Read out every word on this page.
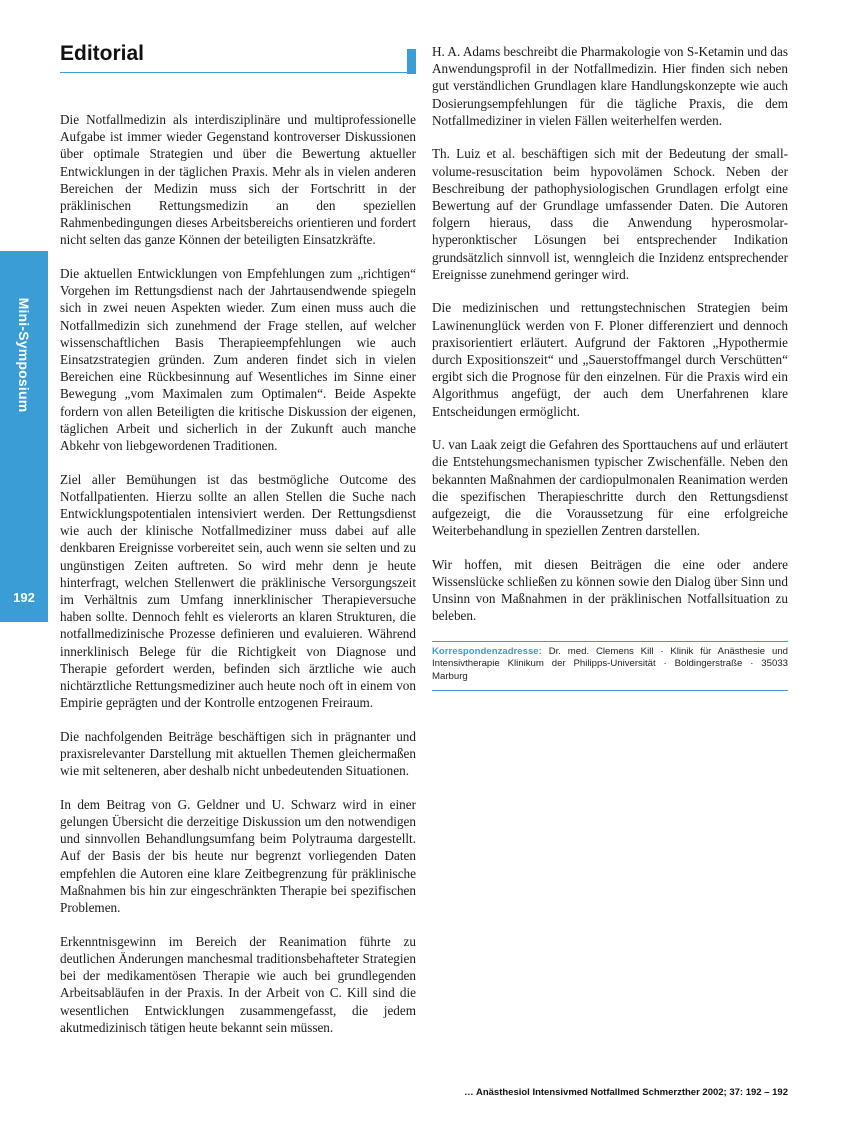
Mini-Symposium
192
Editorial

Die Notfallmedizin als interdisziplinäre und multiprofessionelle Aufgabe ist immer wieder Gegenstand kontroverser Diskussionen über optimale Strategien und über die Bewertung aktueller Entwicklungen in der täglichen Praxis. Mehr als in vielen anderen Bereichen der Medizin muss sich der Fortschritt in der präklinischen Rettungsmedizin an den speziellen Rahmenbedingungen dieses Arbeitsbereichs orientieren und fordert nicht selten das ganze Können der beteiligten Einsatzkräfte.

Die aktuellen Entwicklungen von Empfehlungen zum „richtigen“ Vorgehen im Rettungsdienst nach der Jahrtausendwende spiegeln sich in zwei neuen Aspekten wieder. Zum einen muss auch die Notfallmedizin sich zunehmend der Frage stellen, auf welcher wissenschaftlichen Basis Therapieempfehlungen wie auch Einsatzstrategien gründen. Zum anderen findet sich in vielen Bereichen eine Rückbesinnung auf Wesentliches im Sinne einer Bewegung „vom Maximalen zum Optimalen“. Beide Aspekte fordern von allen Beteiligten die kritische Diskussion der eigenen, täglichen Arbeit und sicherlich in der Zukunft auch manche Abkehr von liebgewordenen Traditionen.

Ziel aller Bemühungen ist das bestmögliche Outcome des Notfallpatienten. Hierzu sollte an allen Stellen die Suche nach Entwicklungspotentialen intensiviert werden. Der Rettungsdienst wie auch der klinische Notfallmediziner muss dabei auf alle denkbaren Ereignisse vorbereitet sein, auch wenn sie selten und zu ungünstigen Zeiten auftreten. So wird mehr denn je heute hinterfragt, welchen Stellenwert die präklinische Versorgungszeit im Verhältnis zum Umfang innerklinischer Therapieversuche haben sollte. Dennoch fehlt es vielerorts an klaren Strukturen, die notfallmedizinische Prozesse definieren und evaluieren. Während innerklinisch Belege für die Richtigkeit von Diagnose und Therapie gefordert werden, befinden sich ärztliche wie auch nichtärztliche Rettungsmediziner auch heute noch oft in einem von Empirie geprägten und der Kontrolle entzogenen Freiraum.

Die nachfolgenden Beiträge beschäftigen sich in prägnanter und praxisrelevanter Darstellung mit aktuellen Themen gleichermaßen wie mit selteneren, aber deshalb nicht unbedeutenden Situationen.

In dem Beitrag von G. Geldner und U. Schwarz wird in einer gelungen Übersicht die derzeitige Diskussion um den notwendigen und sinnvollen Behandlungsumfang beim Polytrauma dargestellt. Auf der Basis der bis heute nur begrenzt vorliegenden Daten empfehlen die Autoren eine klare Zeitbegrenzung für präklinische Maßnahmen bis hin zur eingeschränkten Therapie bei spezifischen Problemen.

Erkenntnisgewinn im Bereich der Reanimation führte zu deutlichen Änderungen manchesmal traditionsbehafteter Strategien bei der medikamentösen Therapie wie auch bei grundlegenden Arbeitsabläufen in der Praxis. In der Arbeit von C. Kill sind die wesentlichen Entwicklungen zusammengefasst, die jedem akutmedizinisch tätigen heute bekannt sein müssen.

H. A. Adams beschreibt die Pharmakologie von S-Ketamin und das Anwendungsprofil in der Notfallmedizin. Hier finden sich neben gut verständlichen Grundlagen klare Handlungskonzepte wie auch Dosierungsempfehlungen für die tägliche Praxis, die dem Notfallmediziner in vielen Fällen weiterhelfen werden.

Th. Luiz et al. beschäftigen sich mit der Bedeutung der small-volume-resuscitation beim hypovolämen Schock. Neben der Beschreibung der pathophysiologischen Grundlagen erfolgt eine Bewertung auf der Grundlage umfassender Daten. Die Autoren folgern hieraus, dass die Anwendung hyperosmolar-hyperonktischer Lösungen bei entsprechender Indikation grundsätzlich sinnvoll ist, wenngleich die Inzidenz entsprechender Ereignisse zunehmend geringer wird.

Die medizinischen und rettungstechnischen Strategien beim Lawinenunglück werden von F. Ploner differenziert und dennoch praxisorientiert erläutert. Aufgrund der Faktoren „Hypothermie durch Expositionszeit“ und „Sauerstoffmangel durch Verschütten“ ergibt sich die Prognose für den einzelnen. Für die Praxis wird ein Algorithmus angefügt, der auch dem Unerfahrenen klare Entscheidungen ermöglicht.

U. van Laak zeigt die Gefahren des Sporttauchens auf und erläutert die Entstehungsmechanismen typischer Zwischenfälle. Neben den bekannten Maßnahmen der cardiopulmonalen Reanimation werden die spezifischen Therapieschritte durch den Rettungsdienst aufgezeigt, die die Voraussetzung für eine erfolgreiche Weiterbehandlung in speziellen Zentren darstellen.

Wir hoffen, mit diesen Beiträgen die eine oder andere Wissenslücke schließen zu können sowie den Dialog über Sinn und Unsinn von Maßnahmen in der präklinischen Notfallsituation zu beleben.

Korrespondenzadresse: Dr. med. Clemens Kill · Klinik für Anästhesie und Intensivtherapie Klinikum der Philipps-Universität · Boldingerstraße · 35033 Marburg
… Anästhesiol Intensivmed Notfallmed Schmerzther 2002; 37: 192 – 192
